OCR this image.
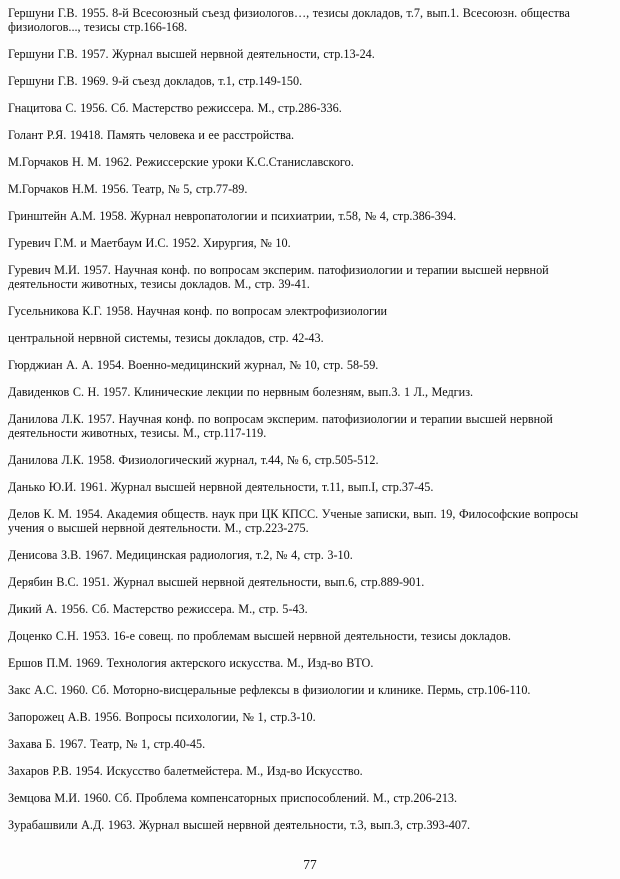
Гершуни Г.В. 1955. 8-й Всесоюзный съезд физиологов…, тезисы докладов, т.7, вып.1. Всесоюзн. общества физиологов..., тезисы стр.166-168.

Гершуни Г.В. 1957. Журнал высшей нервной деятельности, стр.13-24.

Гершуни Г.В. 1969. 9-й съезд докладов, т.1, стр.149-150.

Гнацитова С. 1956. Сб. Мастерство режиссера. М., стр.286-336.

Голант Р.Я. 19418. Память человека и ее расстройства.

М.Горчаков Н. М. 1962. Режиссерские уроки К.С.Станиславского.

М.Горчаков Н.М. 1956. Театр, № 5, стр.77-89.

Гринштейн А.М. 1958. Журнал невропатологии и психиатрии, т.58, № 4, стр.386-394.

Гуревич Г.М. и Маетбаум И.С. 1952. Хирургия, № 10.

Гуревич М.И. 1957. Научная конф. по вопросам эксперим. патофизиологии и терапии высшей нервной деятельности животных, тезисы докладов. М., стр. 39-41.

Гусельникова К.Г. 1958. Научная конф. по вопросам электрофизиологии

центральной нервной системы, тезисы докладов, стр. 42-43.

Гюрджиан А. А. 1954. Военно-медицинский журнал, № 10, стр. 58-59.

Давиденков С. Н. 1957. Клинические лекции по нервным болезням, вып.3. 1 Л., Медгиз.

Данилова Л.К. 1957. Научная конф. по вопросам эксперим. патофизиологии и терапии высшей нервной деятельности животных, тезисы. М., стр.117-119.

Данилова Л.К. 1958. Физиологический журнал, т.44, № 6, стр.505-512.

Данько Ю.И. 1961. Журнал высшей нервной деятельности, т.11, вып.I, стр.37-45.

Делов К. М. 1954. Академия обществ. наук при ЦК КПСС. Ученые записки, вып. 19, Философские вопросы учения о высшей нервной деятельности. М., стр.223-275.

Денисова З.В. 1967. Медицинская радиология, т.2, № 4, стр. 3-10.

Дерябин В.С. 1951. Журнал высшей нервной деятельности, вып.6, стр.889-901.

Дикий А. 1956. Сб. Мастерство режиссера. М., стр. 5-43.

Доценко С.Н. 1953. 16-е совещ. по проблемам высшей нервной деятельности, тезисы докладов.

Ершов П.М. 1969. Технология актерского искусства. М., Изд-во ВТО.

Закс А.С. 1960. Сб. Моторно-висцеральные рефлексы в физиологии и клинике. Пермь, стр.106-110.

Запорожец А.В. 1956. Вопросы психологии, № 1, стр.3-10.

Захава Б. 1967. Театр, № 1, стр.40-45.

Захаров Р.В. 1954. Искусство балетмейстера. М., Изд-во Искусство.

Земцова М.И. 1960. Сб. Проблема компенсаторных приспособлений. М., стр.206-213.

Зурабашвили А.Д. 1963. Журнал высшей нервной деятельности, т.3, вып.3, стр.393-407.

77
